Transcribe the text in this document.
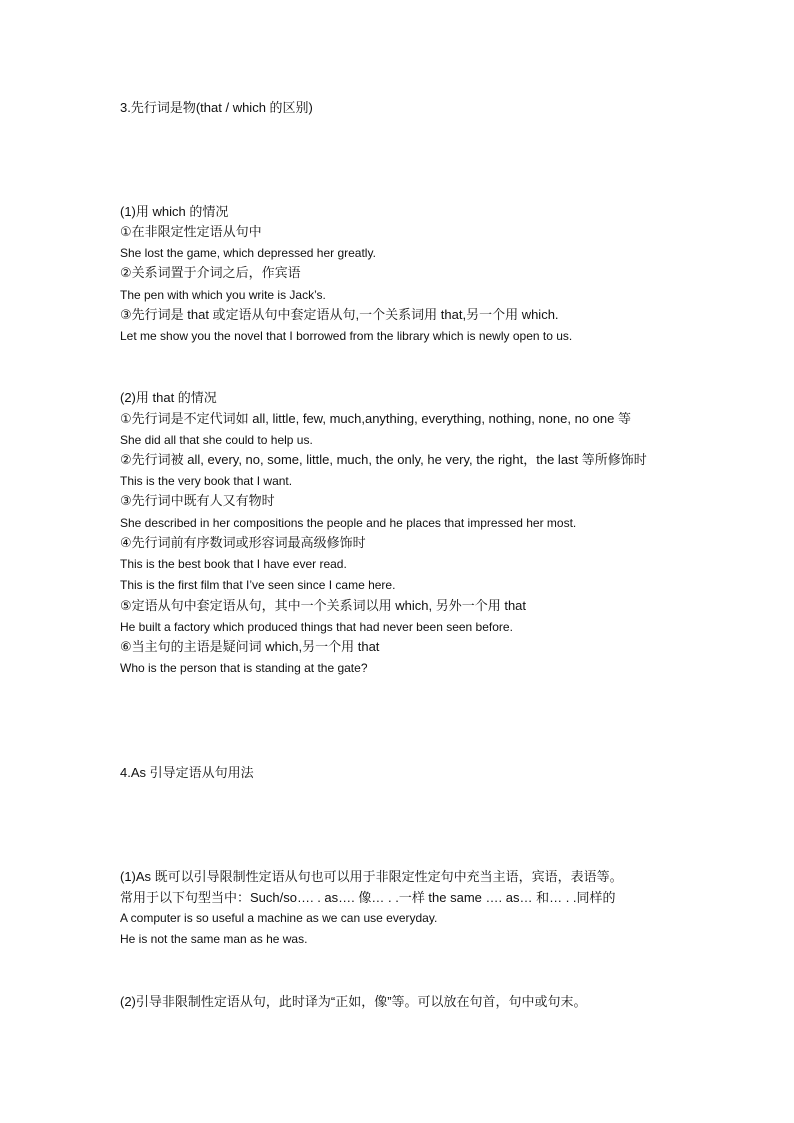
3.先行词是物(that / which 的区别)
(1)用 which 的情况
①在非限定性定语从句中
She lost the game, which depressed her greatly.
②关系词置于介词之后，作宾语
The pen with which you write is Jack’s.
③先行词是 that 或定语从句中套定语从句,一个关系词用 that,另一个用 which.
Let me show you the novel that I borrowed from the library which is newly open to us.
(2)用 that 的情况
①先行词是不定代词如 all, little, few, much,anything, everything, nothing, none, no one 等
She did all that she could to help us.
②先行词被 all, every, no, some, little, much, the only, he very, the right，the last 等所修饰时
This is the very book that I want.
③先行词中既有人又有物时
She described in her compositions the people and he places that impressed her most.
④先行词前有序数词或形容词最高级修饰时
This is the best book that I have ever read.
This is the first film that I’ve seen since I came here.
⑤定语从句中套定语从句，其中一个关系词以用 which, 另外一个用 that
He built a factory which produced things that had never been seen before.
⑥当主句的主语是疑问词 which,另一个用 that
Who is the person that is standing at the gate?
4.As 引导定语从句用法
(1)As 既可以引导限制性定语从句也可以用于非限定性定句中充当主语，宾语，表语等。
常用于以下句型当中：Such/so…. . as…. 像… . .一样 the same …. as… 和… . .同样的
A computer is so useful a machine as we can use everyday.
He is not the same man as he was.
(2)引导非限制性定语从句，此时译为“正如，像”等。可以放在句首，句中或句末。
